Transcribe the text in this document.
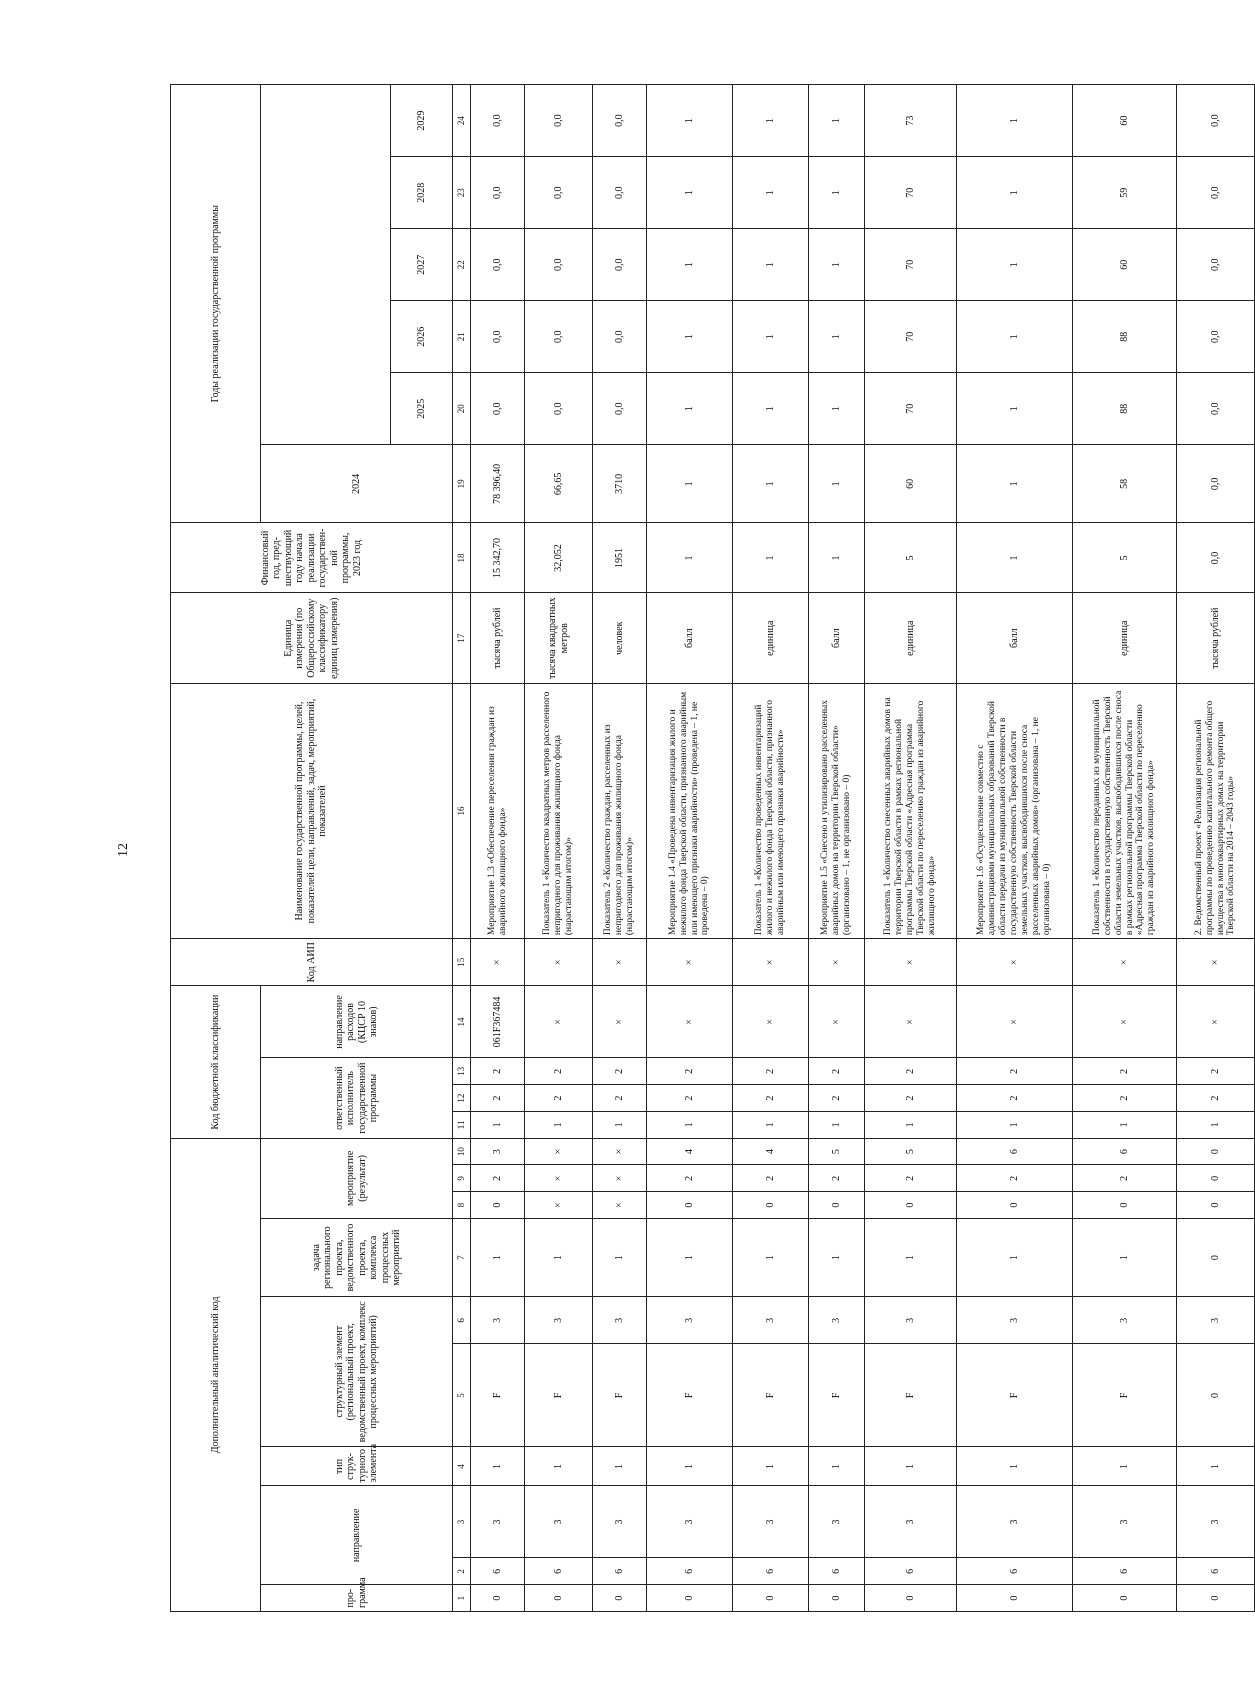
12
Дополнительный аналитический код										Код бюджетной классификации				Код АИП	Наименование государственной программы, целей, показателей цели, направлений, задач, мероприятий, показателей	Единица измерения (по Общероссийскому классификатору единиц измерения)	Финансовый год, пред-шествующий году начала реализации государствен-ной программы, 2023 год	Годы реализации государственной программы					
про-грамма	направление		тип струк-турного элемента	структурный элемент (региональный проект, ведомственный проект, комплекс процессных мероприятий)		задача регионального проекта, ведомственного проекта, комплекса процессных мероприятий	мероприятие (результат)			ответственный исполнитель государственной программы			направление расходов (КЦСР 10 знаков)					2024					
																			2025	2026	2027	2028	2029
1	2	3	4	5	6	7	8	9	10	11	12	13	14	15	16	17	18	19	20	21	22	23	24
0	6	3	1	F	3	1	0	2	3	1	2	2	061F367484	×	Мероприятие 1.3 «Обеспечение переселения граждан из аварийного жилищного фонда»	тысяча рублей	15 342,70	78 396,40	0,0	0,0	0,0	0,0	0,0
0	6	3	1	F	3	1	×	×	×	1	2	2	×	×	Показатель 1 «Количество квадратных метров расселенного непригодного для проживания жилищного фонда (нарастающим итогом)»	тысяча квадратных метров	32,052	66,65	0,0	0,0	0,0	0,0	0,0
0	6	3	1	F	3	1	×	×	×	1	2	2	×	×	Показатель 2 «Количество граждан, расселенных из непригодного для проживания жилищного фонда (нарастающим итогом)»	человек	1951	3710	0,0	0,0	0,0	0,0	0,0
0	6	3	1	F	3	1	0	2	4	1	2	2	×	×	Мероприятие 1.4 «Проведена инвентаризация жилого и нежилого фонда Тверской области, признанного аварийным или имеющего признаки аварийности» (проведена – 1, не проведена – 0)	балл	1	1	1	1	1	1	1
0	6	3	1	F	3	1	0	2	4	1	2	2	×	×	Показатель 1 «Количество проведенных инвентаризаций жилого и нежилого фонда Тверской области, признанного аварийным или имеющего признаки аварийности»	единица	1	1	1	1	1	1	1
0	6	3	1	F	3	1	0	2	5	1	2	2	×	×	Мероприятие 1.5 «Снесено и утилизировано расселенных аварийных домов на территории Тверской области» (организовано – 1, не организовано – 0)	балл	1	1	1	1	1	1	1
0	6	3	1	F	3	1	0	2	5	1	2	2	×	×	Показатель 1 «Количество снесенных аварийных домов на территории Тверской области в рамках региональной программы Тверской области «Адресная программа Тверской области по переселению граждан из аварийного жилищного фонда»	единица	5	60	70	70	70	70	73
0	6	3	1	F	3	1	0	2	6	1	2	2	×	×	Мероприятие 1.6 «Осуществление совместно с администрациями муниципальных образований Тверской области передачи из муниципальной собственности в государственную собственность Тверской области земельных участков, высвободившихся после сноса расселенных аварийных домов» (организована – 1, не организована – 0)	балл	1	1	1	1	1	1	1
0	6	3	1	F	3	1	0	2	6	1	2	2	×	×	Показатель 1 «Количество переданных из муниципальной собственности в государственную собственность Тверской области земельных участков, высвободившихся после сноса в рамках региональной программы Тверской области «Адресная программа Тверской области по переселению граждан из аварийного жилищного фонда»	единица	5	58	88	88	60	59	60
0	6	3	1	0	3	0	0	0	0	1	2	2	×	×	2. Ведомственный проект «Реализация региональной программы по проведению капитального ремонта общего имущества в многоквартирных домах на территории Тверской области на 2014 – 2043 годы»	тысяча рублей	0,0	0,0	0,0	0,0	0,0	0,0	0,0
